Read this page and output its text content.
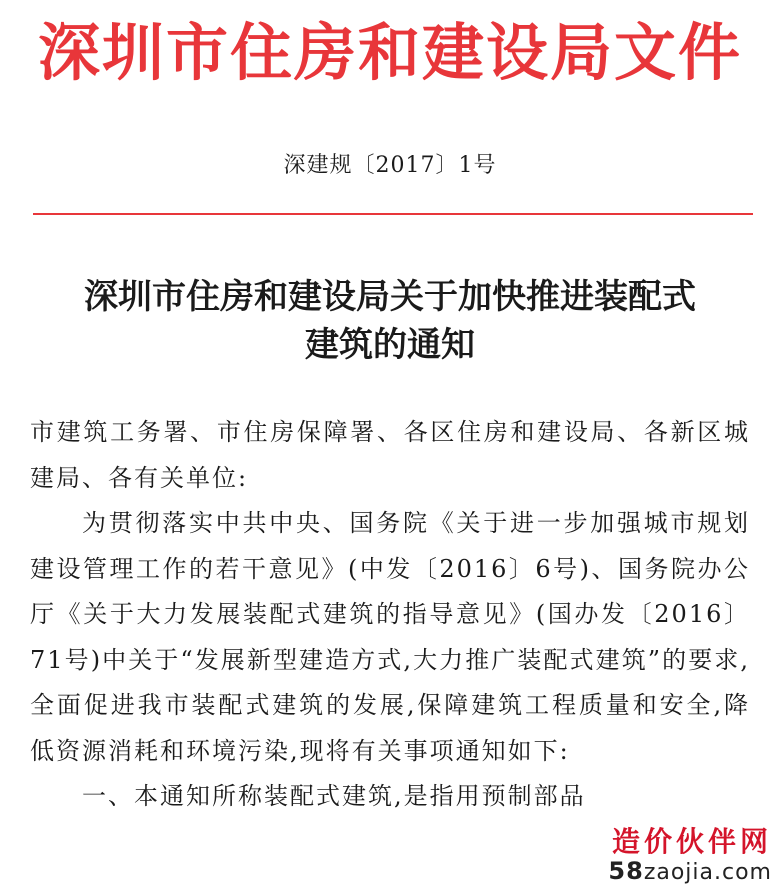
深圳市住房和建设局文件
深建规〔2017〕1号
深圳市住房和建设局关于加快推进装配式
建筑的通知

市建筑工务署、市住房保障署、各区住房和建设局、各新区城建局、各有关单位:

为贯彻落实中共中央、国务院《关于进一步加强城市规划建设管理工作的若干意见》(中发〔2016〕6号)、国务院办公厅《关于大力发展装配式建筑的指导意见》(国办发〔2016〕71号)中关于“发展新型建造方式,大力推广装配式建筑”的要求,全面促进我市装配式建筑的发展,保障建筑工程质量和安全,降低资源消耗和环境污染,现将有关事项通知如下:

一、本通知所称装配式建筑,是指用预制部品

造价伙伴网
58zaojia.com
